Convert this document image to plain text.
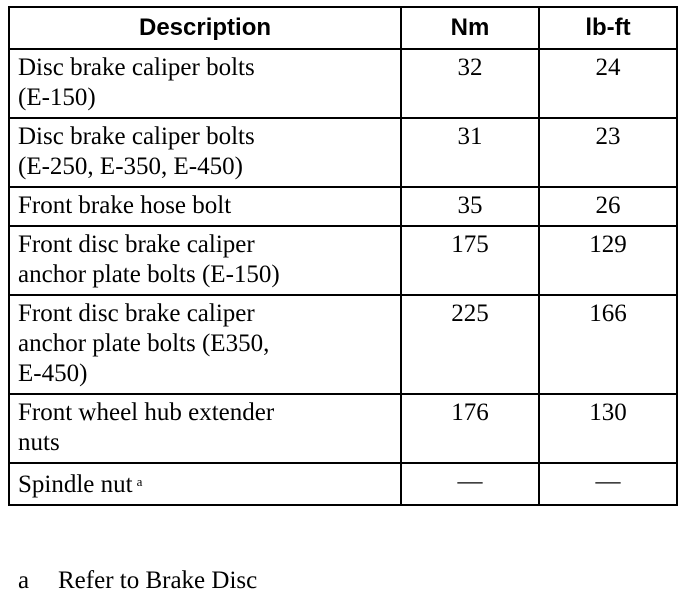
Description	Nm	lb-ft

Disc brake caliper bolts
(E-150)	32	24

Disc brake caliper bolts
(E-250, E-350, E-450)	31	23

Front brake hose bolt	35	26

Front disc brake caliper
anchor plate bolts (E-150)	175	129

Front disc brake caliper
anchor plate bolts (E350,
E-450)	225	166

Front wheel hub extender
nuts	176	130
Spindle nut $^a$	—	—
a Refer to Brake Disc
